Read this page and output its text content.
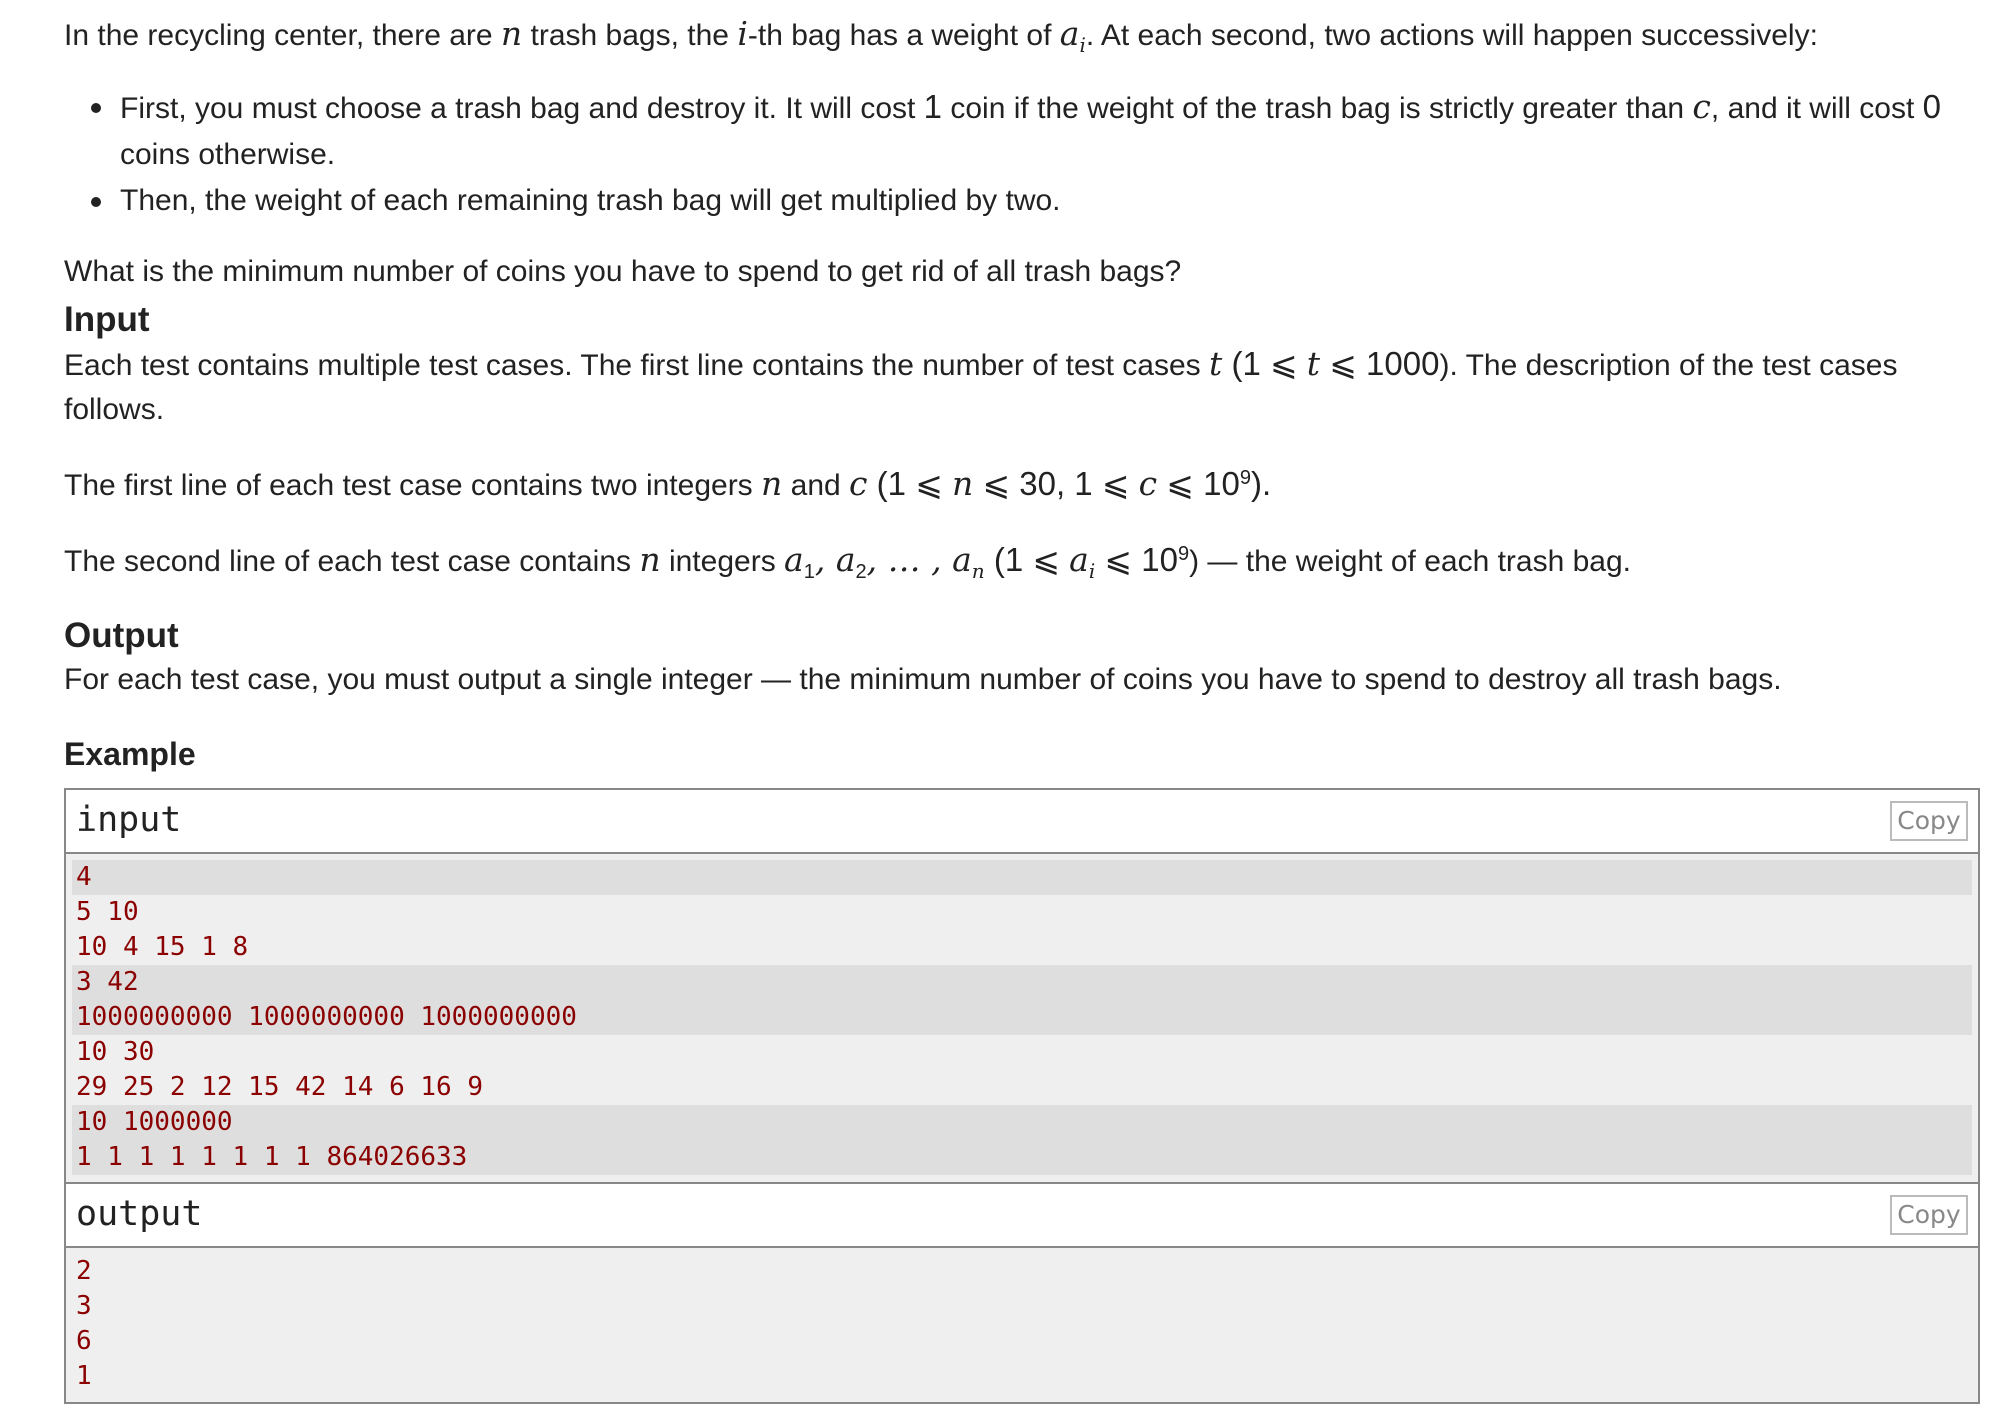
In the recycling center, there are n trash bags, the i-th bag has a weight of $a_i$. At each second, two actions will happen successively:

First, you must choose a trash bag and destroy it. It will cost 1 coin if the weight of the trash bag is strictly greater than c, and it will cost 0 coins otherwise.
Then, the weight of each remaining trash bag will get multiplied by two.

What is the minimum number of coins you have to spend to get rid of all trash bags?

Input

Each test contains multiple test cases. The first line contains the number of test cases t (1 ⩽ t ⩽ 1000). The description of the test cases follows.

The first line of each test case contains two integers n and c (1 ⩽ n ⩽ 30, 1 ⩽ c ⩽ $10^9$).

The second line of each test case contains n integers $a_1$, $a_2$, … , $a_n$ (1 ⩽ $a_i$ ⩽ $10^9$) — the weight of each trash bag.

Output

For each test case, you must output a single integer — the minimum number of coins you have to spend to destroy all trash bags.

Example

input	Copy
4
5 10
10 4 15 1 8
3 42
1000000000 1000000000 1000000000
10 30
29 25 2 12 15 42 14 6 16 9
10 1000000
1 1 1 1 1 1 1 1 864026633
output	Copy
2
3
6
1
